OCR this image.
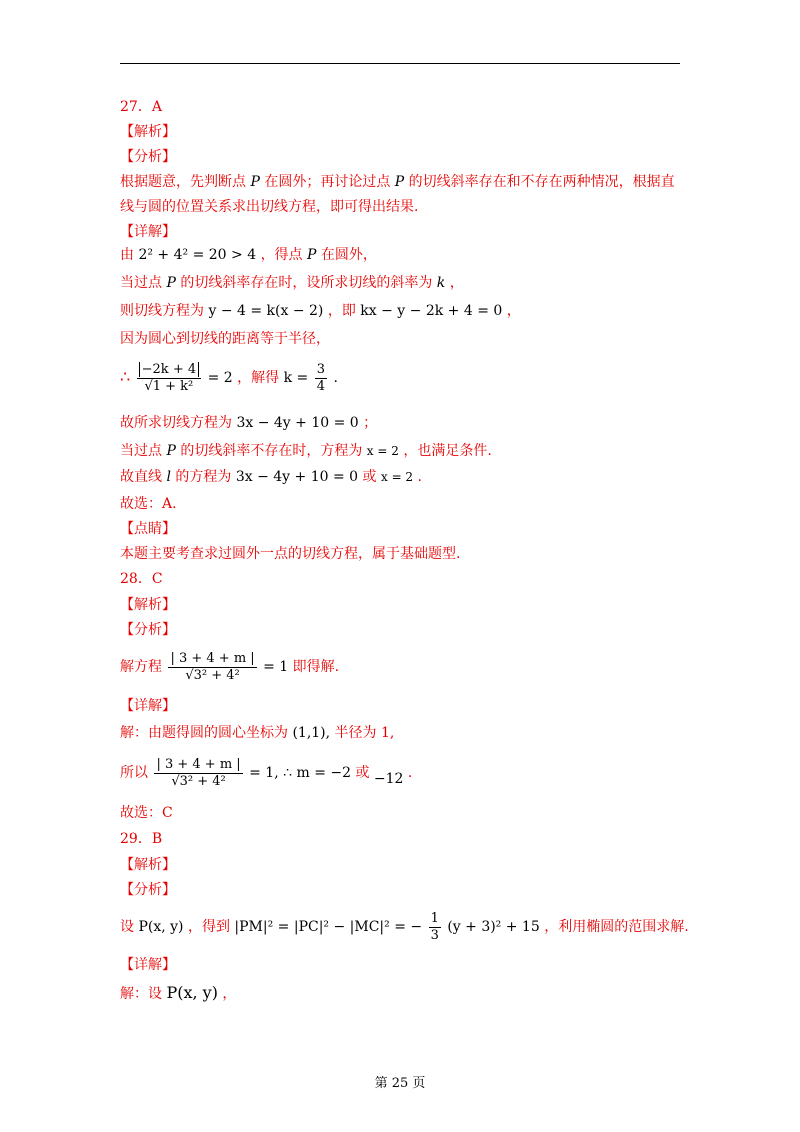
27．A
【解析】
【分析】
根据题意，先判断点 P 在圆外；再讨论过点 P 的切线斜率存在和不存在两种情况，根据直
线与圆的位置关系求出切线方程，即可得出结果.
【详解】
由 2² + 4² = 20 > 4 ，得点 P 在圆外，
当过点 P 的切线斜率存在时，设所求切线的斜率为 k ，
则切线方程为 y − 4 = k(x − 2) ，即 kx − y − 2k + 4 = 0 ，
因为圆心到切线的距离等于半径，
∴ $\frac{-2k + 4}{\text{√1 + k²}} = 2$ ，解得 $k = \frac{3}{4}$ .
故所求切线方程为 3x − 4y + 10 = 0 ；
当过点 P 的切线斜率不存在时，方程为 x = 2 ，也满足条件.
故直线 l 的方程为 3x − 4y + 10 = 0 或 x = 2 .
故选：A.
【点睛】
本题主要考查求过圆外一点的切线方程，属于基础题型.
28．C
【解析】
【分析】
解方程 $\frac{| 3 + 4 + m |}{\text{√3² + 4²}} = 1$ 即得解.
【详解】
解：由题得圆的圆心坐标为 (1,1), 半径为 1,
所以 $\frac{| 3 + 4 + m |}{\text{√3² + 4²}} = 1$, ∴ m = −2 或 −12 .
故选：C
29．B
【解析】
【分析】
设 P(x, y) ，得到 |PM|² = |PC|² − |MC|² = − $\frac{1}{3} (y + 3)^2 + 15$ ，利用椭圆的范围求解.
【详解】
解：设 P(x, y) ，
第 25 页
